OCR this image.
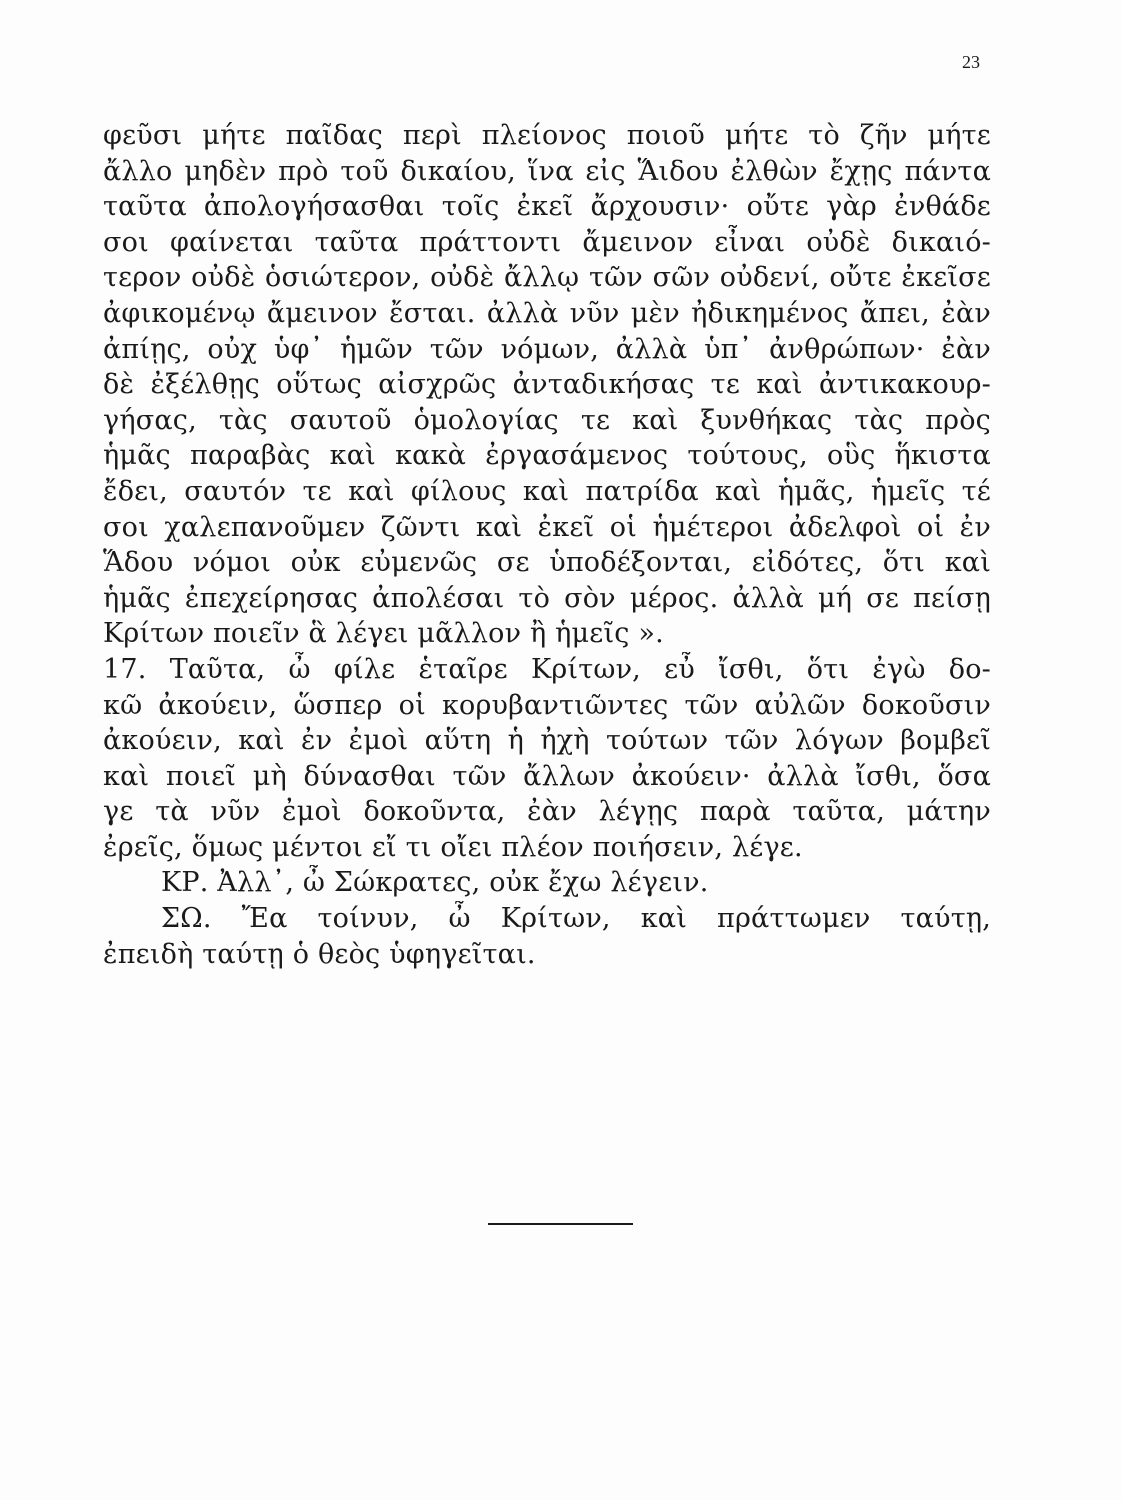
23
φεῦσι μήτε παῖδας περὶ πλείονος ποιοῦ μήτε τὸ ζῆν μήτε
ἄλλο μηδὲν πρὸ τοῦ δικαίου, ἵνα εἰς Ἅιδου ἐλθὼν ἔχῃς πάντα
ταῦτα ἀπολογήσασθαι τοῖς ἐκεῖ ἄρχουσιν· οὔτε γὰρ ἐνθάδε
σοι φαίνεται ταῦτα πράττοντι ἄμεινον εἶναι οὐδὲ δικαιό-
τερον οὐδὲ ὁσιώτερον, οὐδὲ ἄλλῳ τῶν σῶν οὐδενί, οὔτε ἐκεῖσε
ἀφικομένῳ ἄμεινον ἔσται. ἀλλὰ νῦν μὲν ἠδικημένος ἄπει, ἐὰν
ἀπίῃς, οὐχ ὑφ᾽ ἡμῶν τῶν νόμων, ἀλλὰ ὑπ᾽ ἀνθρώπων· ἐὰν
δὲ ἐξέλθῃς οὕτως αἰσχρῶς ἀνταδικήσας τε καὶ ἀντικακουρ-
γήσας, τὰς σαυτοῦ ὁμολογίας τε καὶ ξυνθήκας τὰς πρὸς
ἡμᾶς παραβὰς καὶ κακὰ ἐργασάμενος τούτους, οὓς ἥκιστα
ἔδει, σαυτόν τε καὶ φίλους καὶ πατρίδα καὶ ἡμᾶς, ἡμεῖς τέ
σοι χαλεπανοῦμεν ζῶντι καὶ ἐκεῖ οἱ ἡμέτεροι ἀδελφοὶ οἱ ἐν
Ἅδου νόμοι οὐκ εὐμενῶς σε ὑποδέξονται, εἰδότες, ὅτι καὶ
ἡμᾶς ἐπεχείρησας ἀπολέσαι τὸ σὸν μέρος. ἀλλὰ μή σε πείσῃ
Κρίτων ποιεῖν ἃ λέγει μᾶλλον ἢ ἡμεῖς ».
17. Ταῦτα, ὦ φίλε ἑταῖρε Κρίτων, εὖ ἴσθι, ὅτι ἐγὼ δο-
κῶ ἀκούειν, ὥσπερ οἱ κορυβαντιῶντες τῶν αὐλῶν δοκοῦσιν
ἀκούειν, καὶ ἐν ἐμοὶ αὕτη ἡ ἠχὴ τούτων τῶν λόγων βομβεῖ
καὶ ποιεῖ μὴ δύνασθαι τῶν ἄλλων ἀκούειν· ἀλλὰ ἴσθι, ὅσα
γε τὰ νῦν ἐμοὶ δοκοῦντα, ἐὰν λέγῃς παρὰ ταῦτα, μάτην
ἐρεῖς, ὅμως μέντοι εἴ τι οἴει πλέον ποιήσειν, λέγε.
ΚΡ. Ἀλλ᾽, ὦ Σώκρατες, οὐκ ἔχω λέγειν.
ΣΩ. Ἔα τοίνυν, ὦ Κρίτων, καὶ πράττωμεν ταύτῃ,
ἐπειδὴ ταύτῃ ὁ θεὸς ὑφηγεῖται.
